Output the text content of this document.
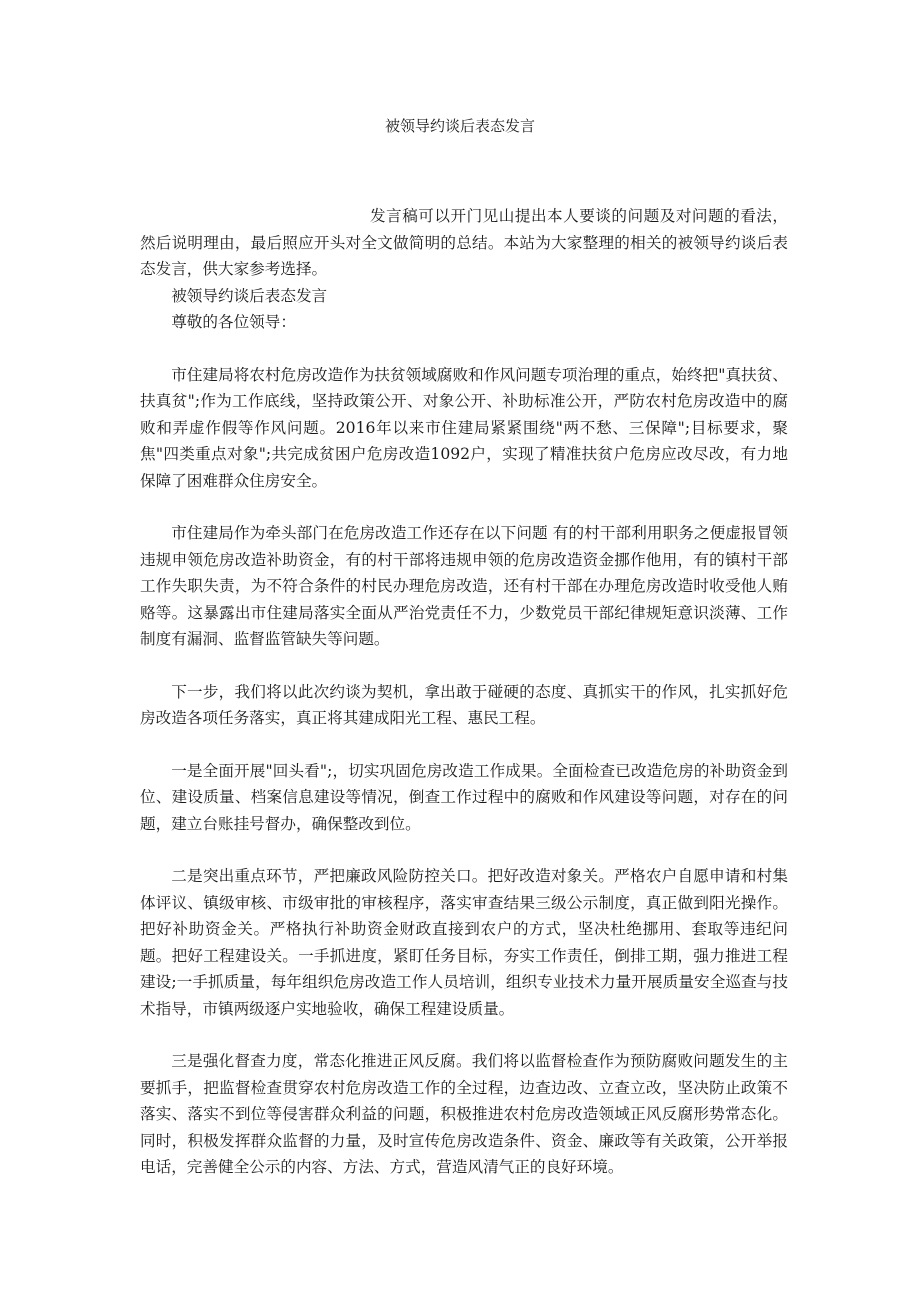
被领导约谈后表态发言

发言稿可以开门见山提出本人要谈的问题及对问题的看法，然后说明理由，最后照应开头对全文做简明的总结。本站为大家整理的相关的被领导约谈后表态发言，供大家参考选择。

被领导约谈后表态发言

尊敬的各位领导：

市住建局将农村危房改造作为扶贫领域腐败和作风问题专项治理的重点，始终把"真扶贫、扶真贫";作为工作底线，坚持政策公开、对象公开、补助标准公开，严防农村危房改造中的腐败和弄虚作假等作风问题。2016年以来市住建局紧紧围绕"两不愁、三保障";目标要求，聚焦"四类重点对象";共完成贫困户危房改造1092户，实现了精准扶贫户危房应改尽改，有力地保障了困难群众住房安全。

市住建局作为牵头部门在危房改造工作还存在以下问题 有的村干部利用职务之便虚报冒领违规申领危房改造补助资金，有的村干部将违规申领的危房改造资金挪作他用，有的镇村干部工作失职失责，为不符合条件的村民办理危房改造，还有村干部在办理危房改造时收受他人贿赂等。这暴露出市住建局落实全面从严治党责任不力，少数党员干部纪律规矩意识淡薄、工作制度有漏洞、监督监管缺失等问题。

下一步，我们将以此次约谈为契机，拿出敢于碰硬的态度、真抓实干的作风，扎实抓好危房改造各项任务落实，真正将其建成阳光工程、惠民工程。

一是全面开展"回头看";，切实巩固危房改造工作成果。全面检查已改造危房的补助资金到位、建设质量、档案信息建设等情况，倒查工作过程中的腐败和作风建设等问题，对存在的问题，建立台账挂号督办，确保整改到位。

二是突出重点环节，严把廉政风险防控关口。把好改造对象关。严格农户自愿申请和村集体评议、镇级审核、市级审批的审核程序，落实审查结果三级公示制度，真正做到阳光操作。把好补助资金关。严格执行补助资金财政直接到农户的方式，坚决杜绝挪用、套取等违纪问题。把好工程建设关。一手抓进度，紧盯任务目标，夯实工作责任，倒排工期，强力推进工程建设;一手抓质量，每年组织危房改造工作人员培训，组织专业技术力量开展质量安全巡查与技术指导，市镇两级逐户实地验收，确保工程建设质量。

三是强化督查力度，常态化推进正风反腐。我们将以监督检查作为预防腐败问题发生的主要抓手，把监督检查贯穿农村危房改造工作的全过程，边查边改、立查立改，坚决防止政策不落实、落实不到位等侵害群众利益的问题，积极推进农村危房改造领域正风反腐形势常态化。同时，积极发挥群众监督的力量，及时宣传危房改造条件、资金、廉政等有关政策，公开举报电话，完善健全公示的内容、方法、方式，营造风清气正的良好环境。
